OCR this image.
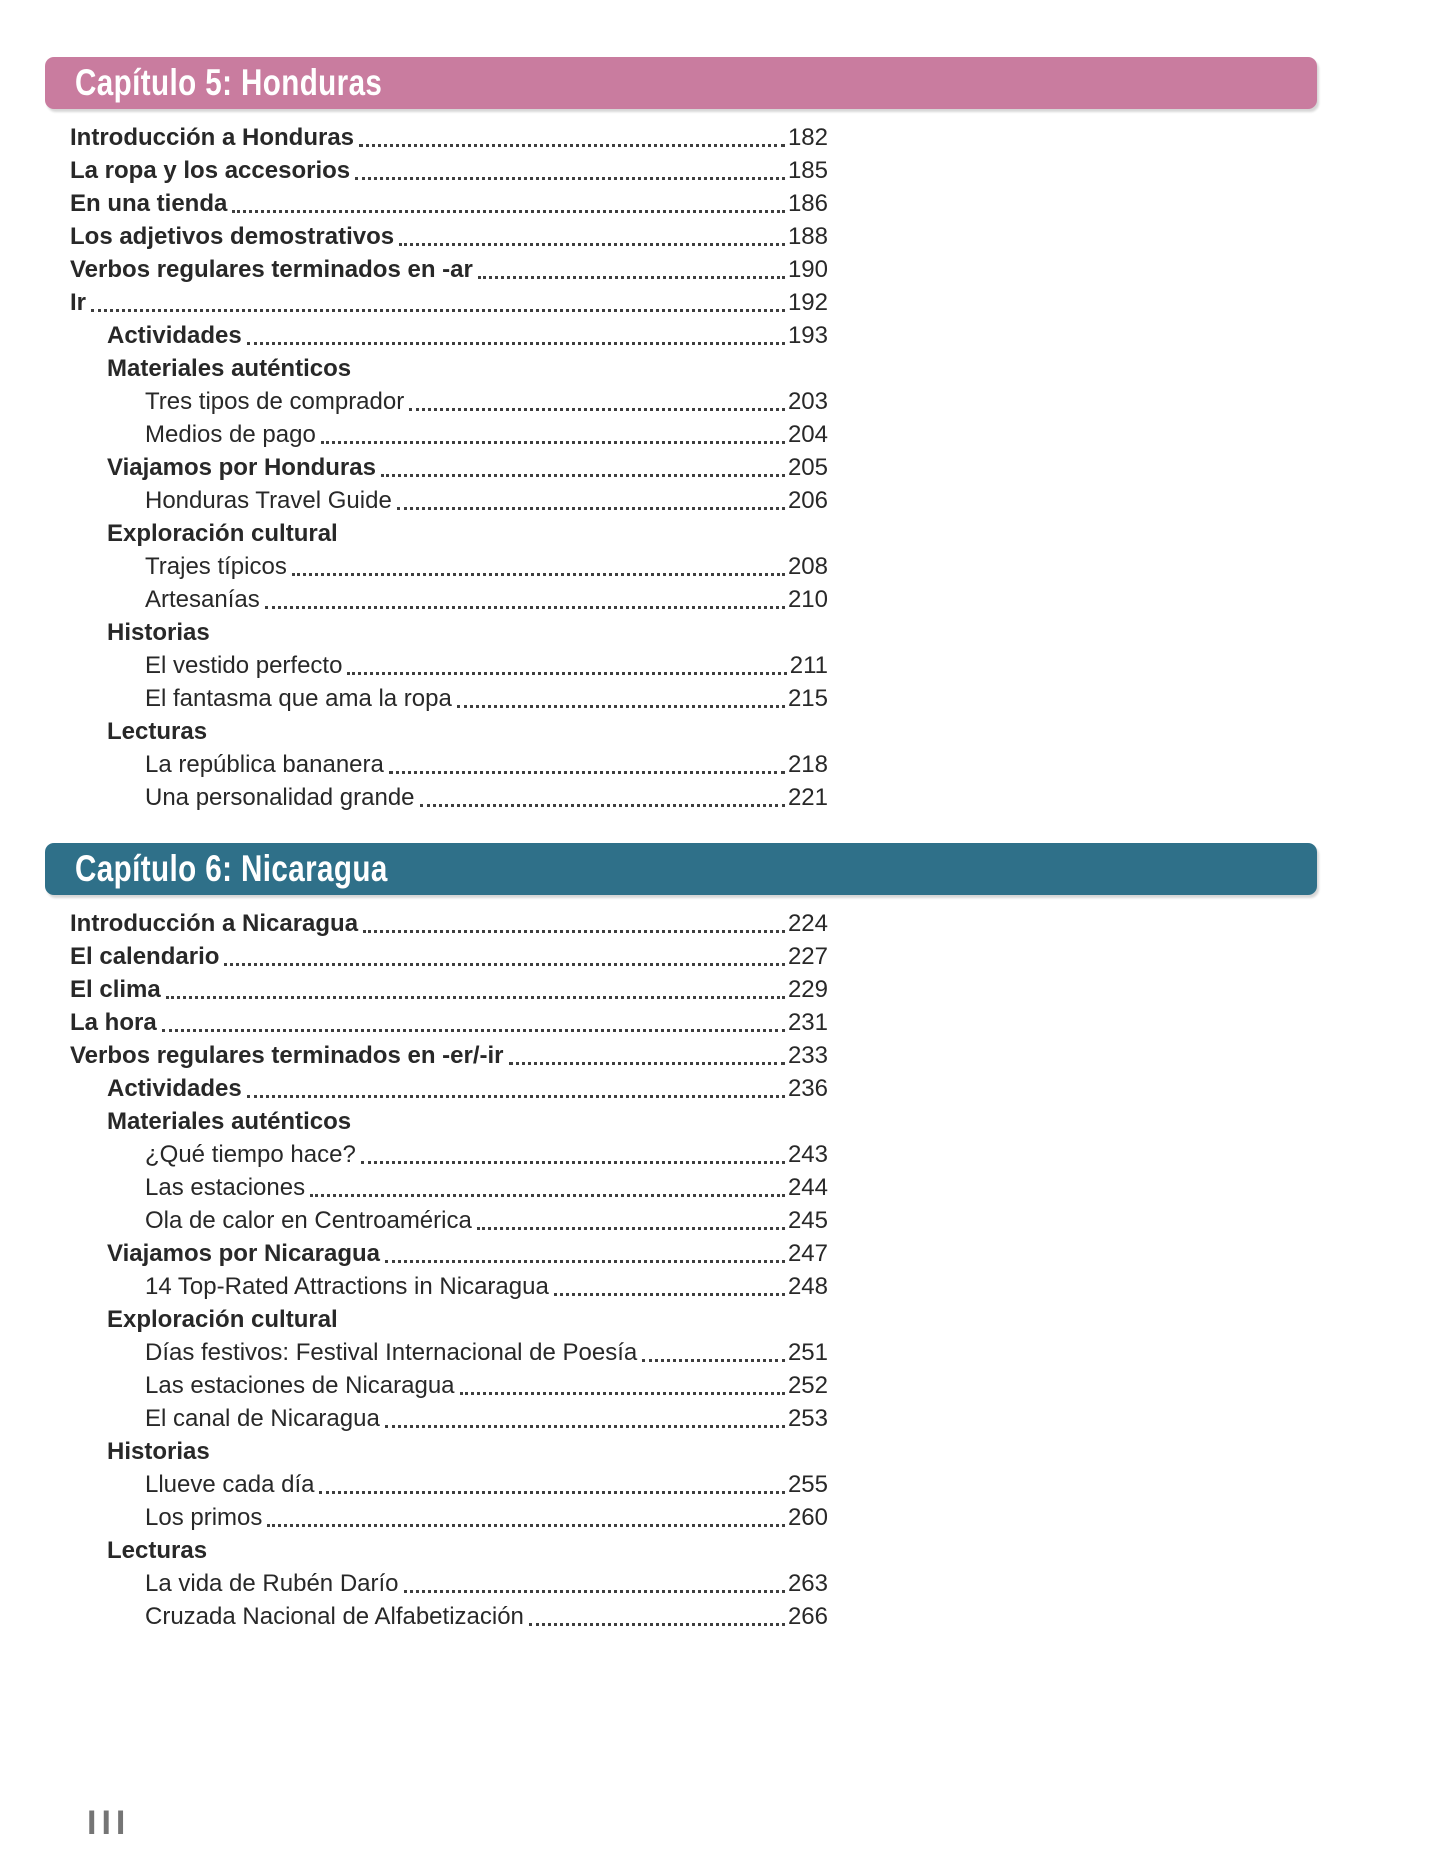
Capítulo 5: Honduras
Introducción a Honduras	182
La ropa y los accesorios	185
En una tienda	186
Los adjetivos demostrativos	188
Verbos regulares terminados en -ar	190
Ir	192
Actividades	193
Materiales auténticos
Tres tipos de comprador	203
Medios de pago	204
Viajamos por Honduras	205
Honduras Travel Guide	206
Exploración cultural
Trajes típicos	208
Artesanías	210
Historias
El vestido perfecto	211
El fantasma que ama la ropa	215
Lecturas
La república bananera	218
Una personalidad grande	221
Capítulo 6: Nicaragua
Introducción a Nicaragua	224
El calendario	227
El clima	229
La hora	231
Verbos regulares terminados en -er/-ir	233
Actividades	236
Materiales auténticos
¿Qué tiempo hace?	243
Las estaciones	244
Ola de calor en Centroamérica	245
Viajamos por Nicaragua	247
14 Top-Rated Attractions in Nicaragua	248
Exploración cultural
Días festivos: Festival Internacional de Poesía	251
Las estaciones de Nicaragua	252
El canal de Nicaragua	253
Historias
Llueve cada día	255
Los primos	260
Lecturas
La vida de Rubén Darío	263
Cruzada Nacional de Alfabetización	266
III
